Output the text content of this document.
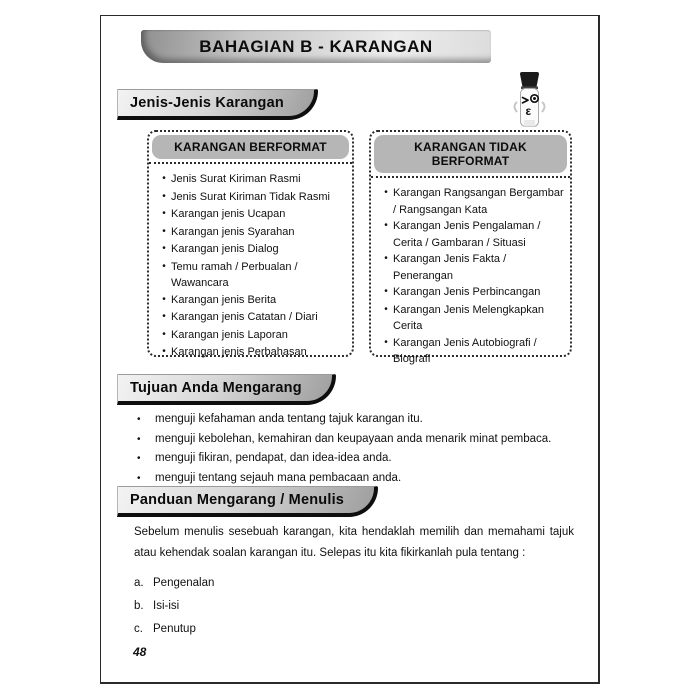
BAHAGIAN B - KARANGAN
ε
Jenis-Jenis Karangan
KARANGAN BERFORMAT
•
Jenis Surat Kiriman Rasmi
•
Jenis Surat Kiriman Tidak Rasmi
•
Karangan jenis Ucapan
•
Karangan jenis Syarahan
•
Karangan jenis Dialog
•
Temu ramah / Perbualan / Wawancara
•
Karangan jenis Berita
•
Karangan jenis Catatan / Diari
•
Karangan jenis Laporan
•
Karangan jenis Perbahasan
KARANGAN TIDAK BERFORMAT
•
Karangan Rangsangan Bergambar / Rangsangan Kata
•
Karangan Jenis Pengalaman / Cerita / Gambaran / Situasi
•
Karangan Jenis Fakta / Penerangan
•
Karangan Jenis Perbincangan
•
Karangan Jenis Melengkapkan Cerita
•
Karangan Jenis Autobiografi / Biografi
Tujuan Anda Mengarang
•
menguji kefahaman anda tentang tajuk karangan itu.
•
menguji kebolehan, kemahiran dan keupayaan anda menarik minat pembaca.
•
menguji fikiran, pendapat, dan idea-idea anda.
•
menguji tentang sejauh mana pembacaan anda.
Panduan Mengarang / Menulis

Sebelum menulis sesebuah karangan, kita hendaklah memilih dan memahami tajuk atau kehendak soalan karangan itu. Selepas itu kita fikirkanlah pula tentang :

a. Pengenalan
b. Isi-isi
c. Penutup
48
